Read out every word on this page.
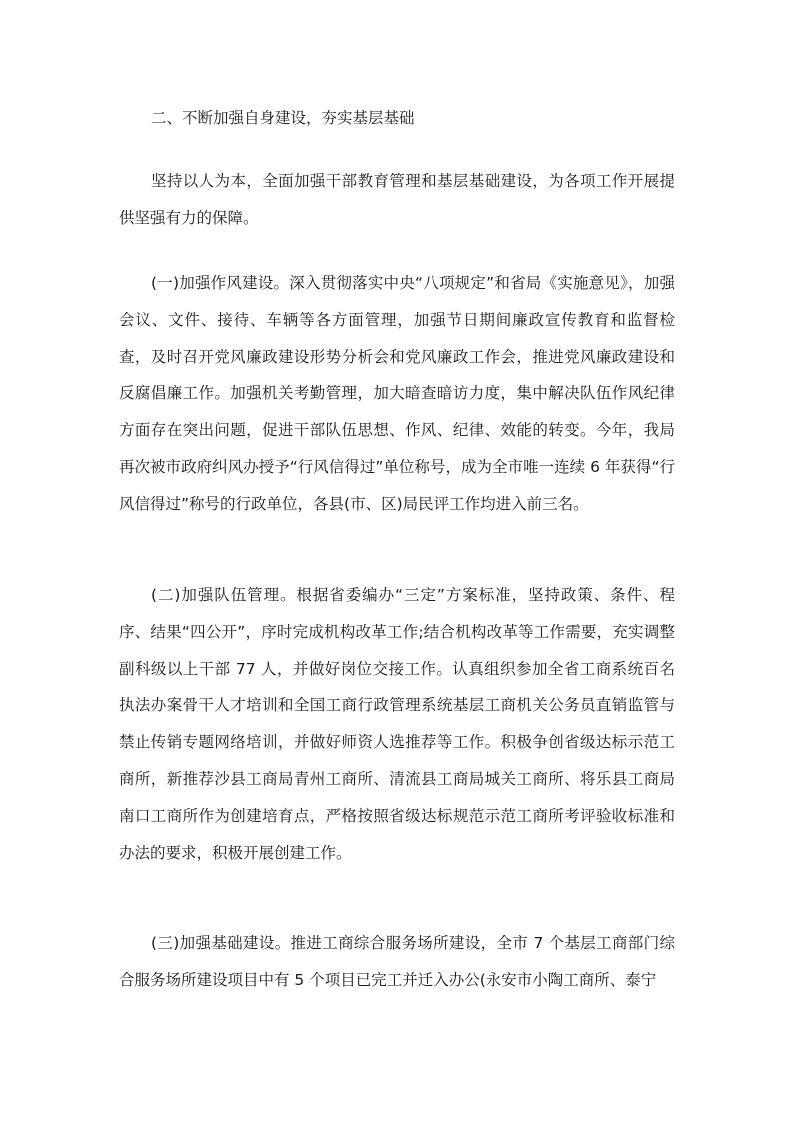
二、不断加强自身建设，夯实基层基础

坚持以人为本，全面加强干部教育管理和基层基础建设，为各项工作开展提供坚强有力的保障。

(一)加强作风建设。深入贯彻落实中央“八项规定”和省局《实施意见》，加强会议、文件、接待、车辆等各方面管理，加强节日期间廉政宣传教育和监督检查，及时召开党风廉政建设形势分析会和党风廉政工作会，推进党风廉政建设和反腐倡廉工作。加强机关考勤管理，加大暗查暗访力度，集中解决队伍作风纪律方面存在突出问题，促进干部队伍思想、作风、纪律、效能的转变。今年，我局再次被市政府纠风办授予“行风信得过”单位称号，成为全市唯一连续 6 年获得“行风信得过”称号的行政单位，各县(市、区)局民评工作均进入前三名。

(二)加强队伍管理。根据省委编办“三定”方案标准，坚持政策、条件、程序、结果“四公开”，序时完成机构改革工作;结合机构改革等工作需要，充实调整副科级以上干部 77 人，并做好岗位交接工作。认真组织参加全省工商系统百名执法办案骨干人才培训和全国工商行政管理系统基层工商机关公务员直销监管与禁止传销专题网络培训，并做好师资人选推荐等工作。积极争创省级达标示范工商所，新推荐沙县工商局青州工商所、清流县工商局城关工商所、将乐县工商局南口工商所作为创建培育点，严格按照省级达标规范示范工商所考评验收标准和办法的要求，积极开展创建工作。

(三)加强基础建设。推进工商综合服务场所建设，全市 7 个基层工商部门综合服务场所建设项目中有 5 个项目已完工并迁入办公(永安市小陶工商所、泰宁
